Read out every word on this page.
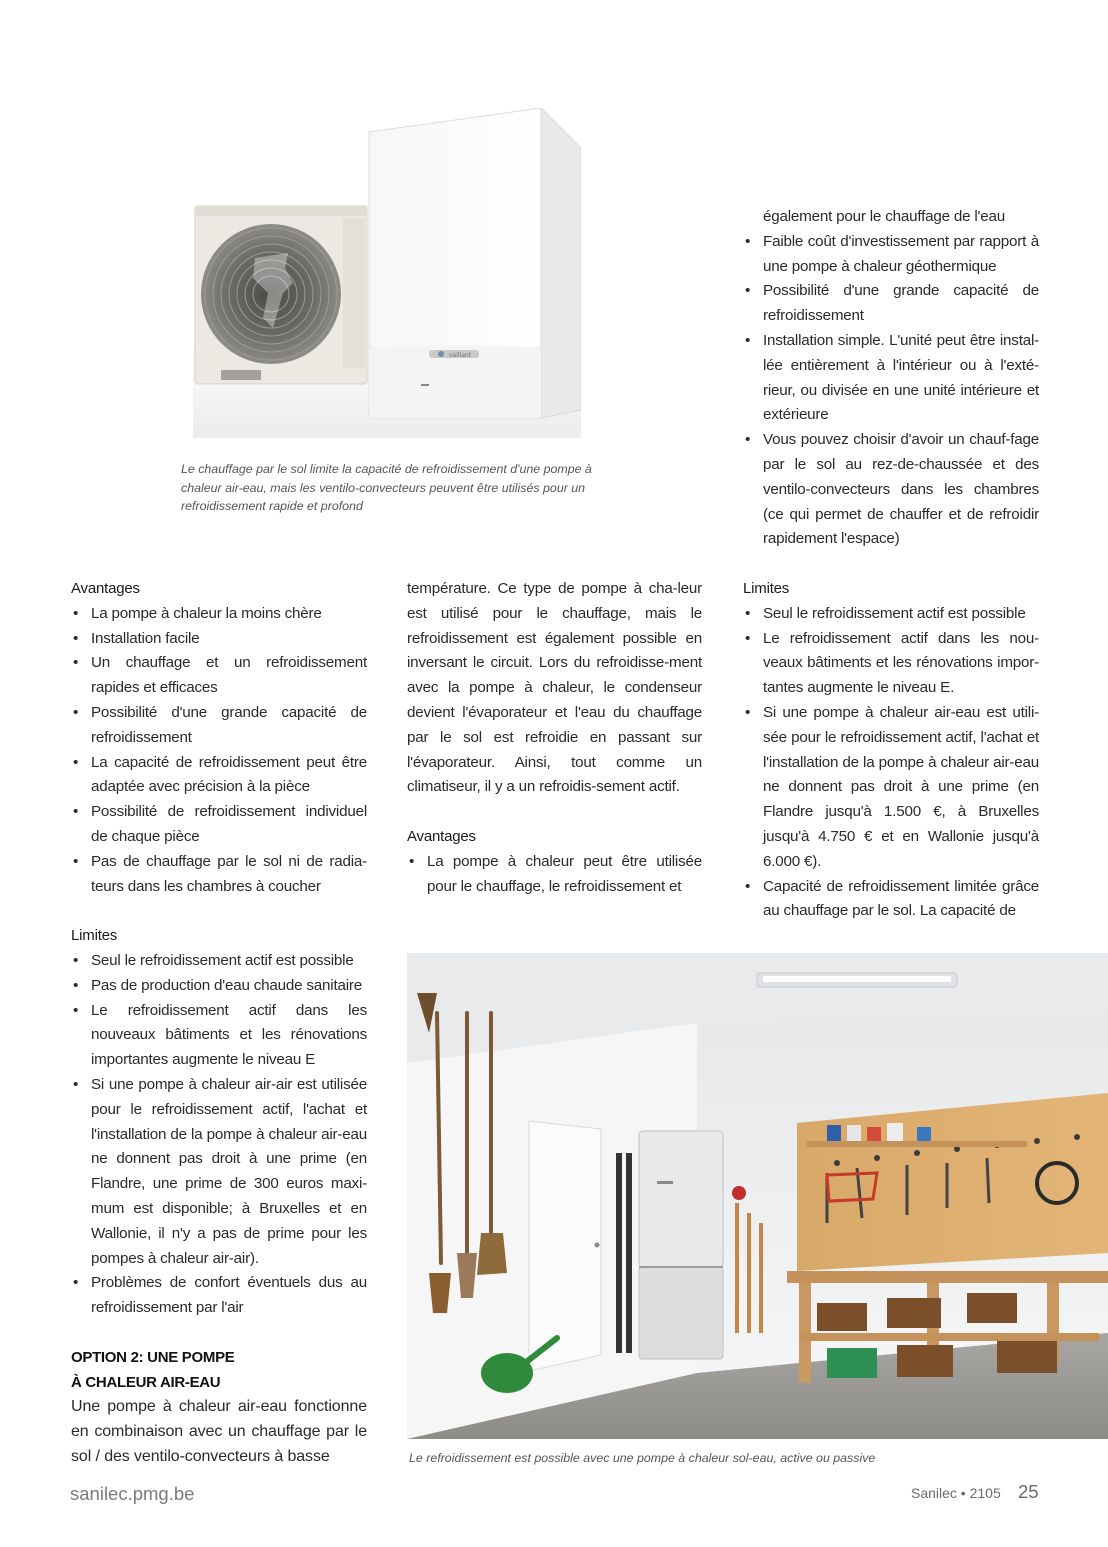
vaillant
Le chauffage par le sol limite la capacité de refroidissement d'une pompe à chaleur air-eau, mais les ventilo-convecteurs peuvent être utilisés pour un refroidissement rapide et profond
également pour le chauffage de l'eau
• Faible coût d'investissement par rapport à une pompe à chaleur géothermique
• Possibilité d'une grande capacité de refroidissement
• Installation simple. L'unité peut être instal-lée entièrement à l'intérieur ou à l'exté-rieur, ou divisée en une unité intérieure et extérieure
• Vous pouvez choisir d'avoir un chauf-fage par le sol au rez-de-chaussée et des ventilo-convecteurs dans les chambres (ce qui permet de chauffer et de refroidir rapidement l'espace)
Avantages
• La pompe à chaleur la moins chère
• Installation facile
• Un chauffage et un refroidissement rapides et efficaces
• Possibilité d'une grande capacité de refroidissement
• La capacité de refroidissement peut être adaptée avec précision à la pièce
• Possibilité de refroidissement individuel de chaque pièce
• Pas de chauffage par le sol ni de radia-teurs dans les chambres à coucher
Limites
• Seul le refroidissement actif est possible
• Pas de production d'eau chaude sanitaire
• Le refroidissement actif dans les nouveaux bâtiments et les rénovations importantes augmente le niveau E
• Si une pompe à chaleur air-air est utilisée pour le refroidissement actif, l'achat et l'installation de la pompe à chaleur air-eau ne donnent pas droit à une prime (en Flandre, une prime de 300 euros maxi-mum est disponible; à Bruxelles et en Wallonie, il n'y a pas de prime pour les pompes à chaleur air-air).
• Problèmes de confort éventuels dus au refroidissement par l'air
OPTION 2: UNE POMPE
À CHALEUR AIR-EAU

Une pompe à chaleur air-eau fonctionne en combinaison avec un chauffage par le sol / des ventilo-convecteurs à basse

température. Ce type de pompe à cha-leur est utilisé pour le chauffage, mais le refroidissement est également possible en inversant le circuit. Lors du refroidisse-ment avec la pompe à chaleur, le condenseur devient l'évaporateur et l'eau du chauffage par le sol est refroidie en passant sur l'évaporateur. Ainsi, tout comme un climatiseur, il y a un refroidis-sement actif.

Avantages
• La pompe à chaleur peut être utilisée pour le chauffage, le refroidissement et
Limites
• Seul le refroidissement actif est possible
• Le refroidissement actif dans les nou-veaux bâtiments et les rénovations impor-tantes augmente le niveau E.
• Si une pompe à chaleur air-eau est utili-sée pour le refroidissement actif, l'achat et l'installation de la pompe à chaleur air-eau ne donnent pas droit à une prime (en Flandre jusqu'à 1.500 €, à Bruxelles jusqu'à 4.750 € et en Wallonie jusqu'à 6.000 €).
• Capacité de refroidissement limitée grâce au chauffage par le sol. La capacité de
Le refroidissement est possible avec une pompe à chaleur sol-eau, active ou passive
sanilec.pmg.be	Sanilec • 2105 25
